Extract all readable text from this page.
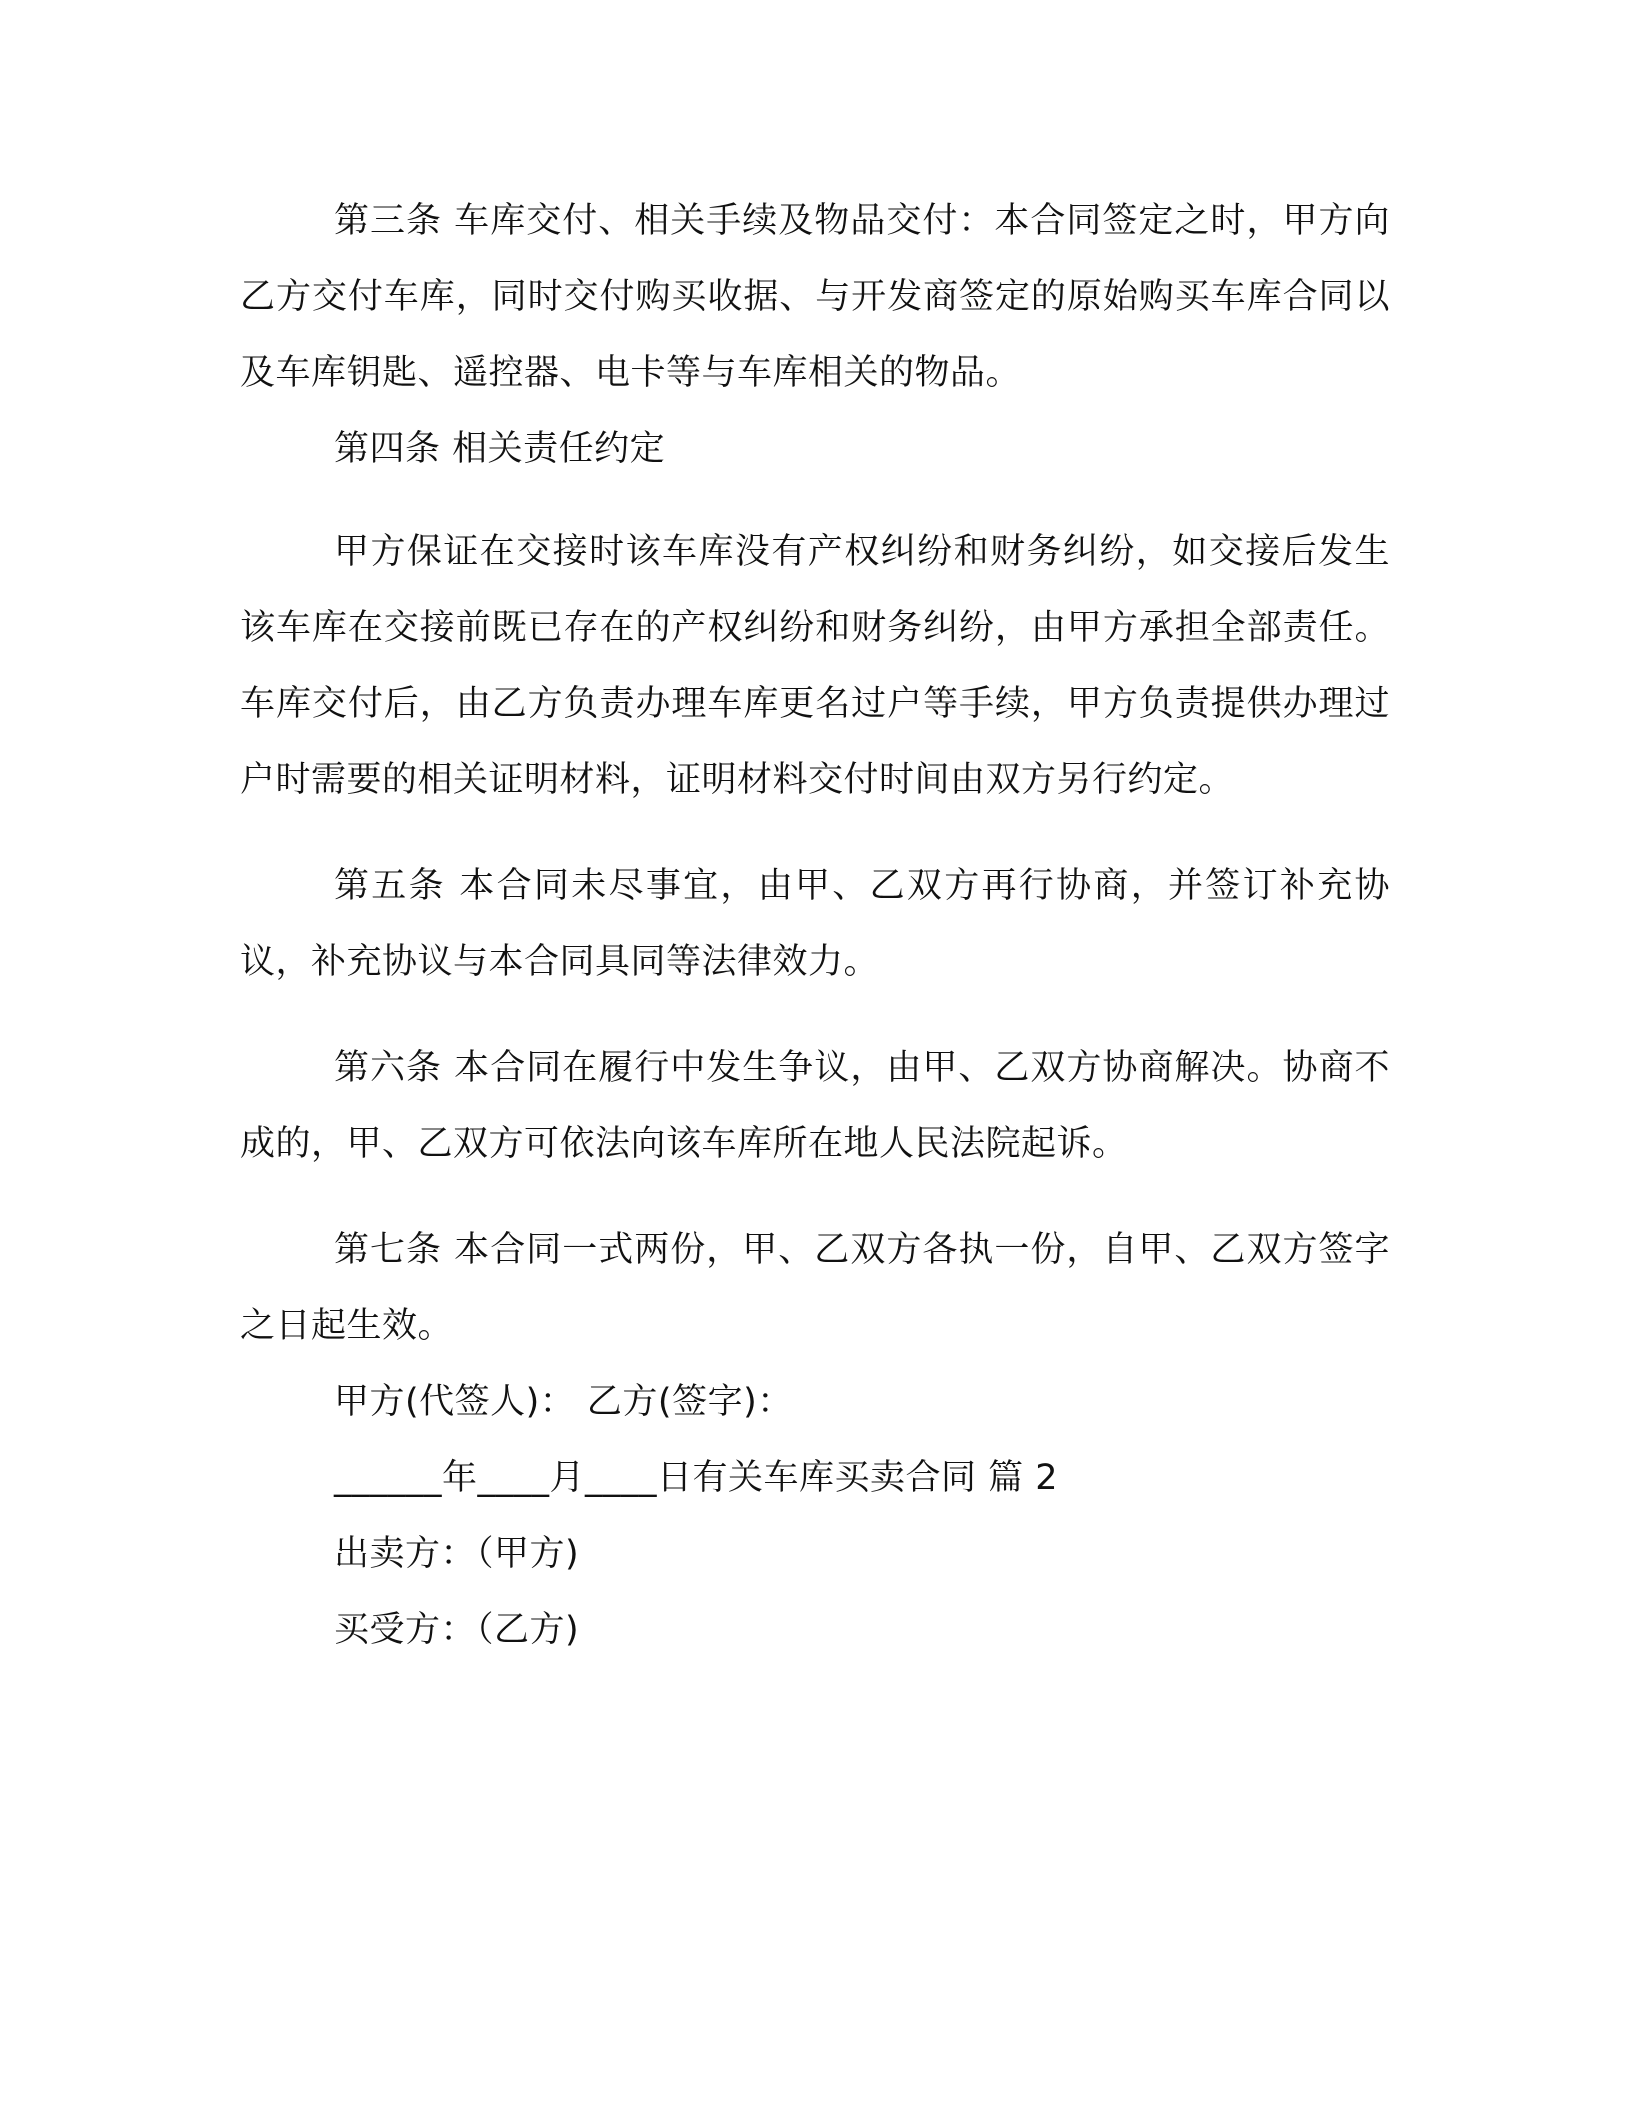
第三条 车库交付、相关手续及物品交付：本合同签定之时，甲方向乙方交付车库，同时交付购买收据、与开发商签定的原始购买车库合同以及车库钥匙、遥控器、电卡等与车库相关的物品。

第四条 相关责任约定

甲方保证在交接时该车库没有产权纠纷和财务纠纷，如交接后发生该车库在交接前既已存在的产权纠纷和财务纠纷，由甲方承担全部责任。车库交付后，由乙方负责办理车库更名过户等手续，甲方负责提供办理过户时需要的相关证明材料，证明材料交付时间由双方另行约定。

第五条 本合同未尽事宜，由甲、乙双方再行协商，并签订补充协议，补充协议与本合同具同等法律效力。

第六条 本合同在履行中发生争议，由甲、乙双方协商解决。协商不成的，甲、乙双方可依法向该车库所在地人民法院起诉。

第七条 本合同一式两份，甲、乙双方各执一份，自甲、乙双方签字之日起生效。

甲方(代签人)： 乙方(签字)：

______年____月____日有关车库买卖合同 篇 2

出卖方：（甲方)

买受方：（乙方)
